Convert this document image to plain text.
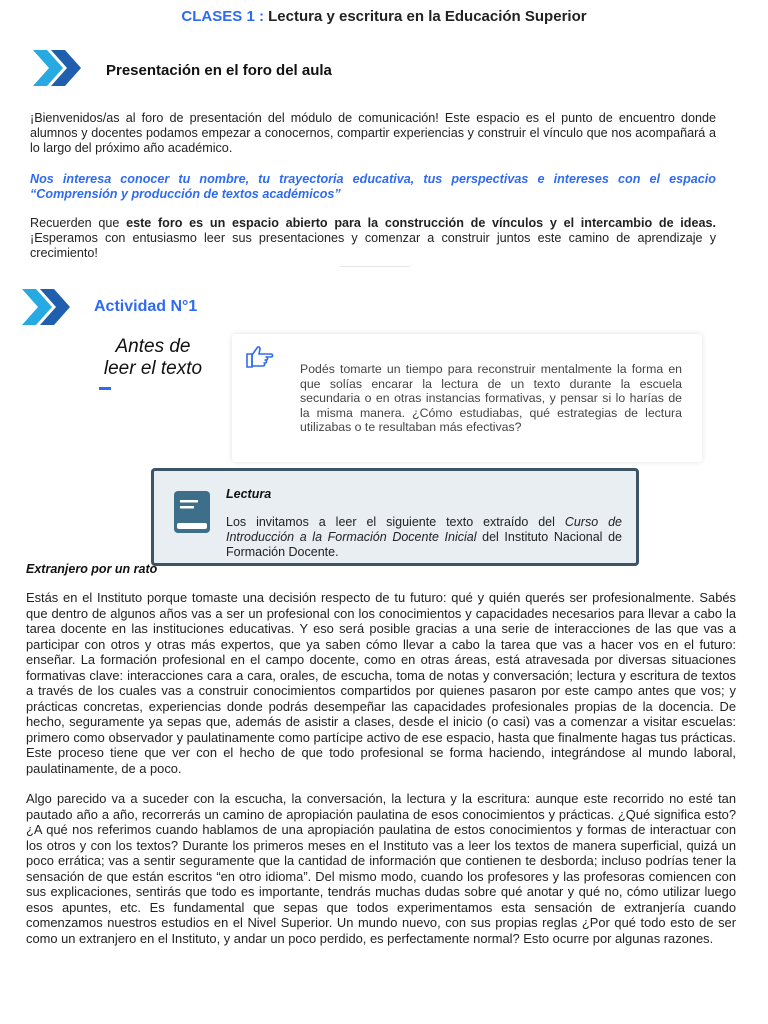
CLASES 1 : Lectura y escritura en la Educación Superior
Presentación en el foro del aula
¡Bienvenidos/as al foro de presentación del módulo de comunicación! Este espacio es el punto de encuentro donde alumnos y docentes podamos empezar a conocernos, compartir experiencias y construir el vínculo que nos acompañará a lo largo del próximo año académico.
Nos interesa conocer tu nombre, tu trayectoria educativa, tus perspectivas e intereses con el espacio “Comprensión y producción de textos académicos”
Recuerden que este foro es un espacio abierto para la construcción de vínculos y el intercambio de ideas. ¡Esperamos con entusiasmo leer sus presentaciones y comenzar a construir juntos este camino de aprendizaje y crecimiento!
Actividad N°1
Antes de
leer el texto	Podés tomarte un tiempo para reconstruir mentalmente la forma en que solías encarar la lectura de un texto durante la escuela secundaria o en otras instancias formativas, y pensar si lo harías de la misma manera. ¿Cómo estudiabas, qué estrategias de lectura utilizabas o te resultaban más efectivas?
Lectura
Los invitamos a leer el siguiente texto extraído del Curso de Introducción a la Formación Docente Inicial del Instituto Nacional de Formación Docente.
Extranjero por un rato

Estás en el Instituto porque tomaste una decisión respecto de tu futuro: qué y quién querés ser profesionalmente. Sabés que dentro de algunos años vas a ser un profesional con los conocimientos y capacidades necesarios para llevar a cabo la tarea docente en las instituciones educativas. Y eso será posible gracias a una serie de interacciones de las que vas a participar con otros y otras más expertos, que ya saben cómo llevar a cabo la tarea que vas a hacer vos en el futuro: enseñar. La formación profesional en el campo docente, como en otras áreas, está atravesada por diversas situaciones formativas clave: interacciones cara a cara, orales, de escucha, toma de notas y conversación; lectura y escritura de textos a través de los cuales vas a construir conocimientos compartidos por quienes pasaron por este campo antes que vos; y prácticas concretas, experiencias donde podrás desempeñar las capacidades profesionales propias de la docencia. De hecho, seguramente ya sepas que, además de asistir a clases, desde el inicio (o casi) vas a comenzar a visitar escuelas: primero como observador y paulatinamente como partícipe activo de ese espacio, hasta que finalmente hagas tus prácticas. Este proceso tiene que ver con el hecho de que todo profesional se forma haciendo, integrándose al mundo laboral, paulatinamente, de a poco.

Algo parecido va a suceder con la escucha, la conversación, la lectura y la escritura: aunque este recorrido no esté tan pautado año a año, recorrerás un camino de apropiación paulatina de esos conocimientos y prácticas. ¿Qué significa esto? ¿A qué nos referimos cuando hablamos de una apropiación paulatina de estos conocimientos y formas de interactuar con los otros y con los textos? Durante los primeros meses en el Instituto vas a leer los textos de manera superficial, quizá un poco errática; vas a sentir seguramente que la cantidad de información que contienen te desborda; incluso podrías tener la sensación de que están escritos “en otro idioma”. Del mismo modo, cuando los profesores y las profesoras comiencen con sus explicaciones, sentirás que todo es importante, tendrás muchas dudas sobre qué anotar y qué no, cómo utilizar luego esos apuntes, etc. Es fundamental que sepas que todos experimentamos esta sensación de extranjería cuando comenzamos nuestros estudios en el Nivel Superior. Un mundo nuevo, con sus propias reglas ¿Por qué todo esto de ser como un extranjero en el Instituto, y andar un poco perdido, es perfectamente normal? Esto ocurre por algunas razones.
